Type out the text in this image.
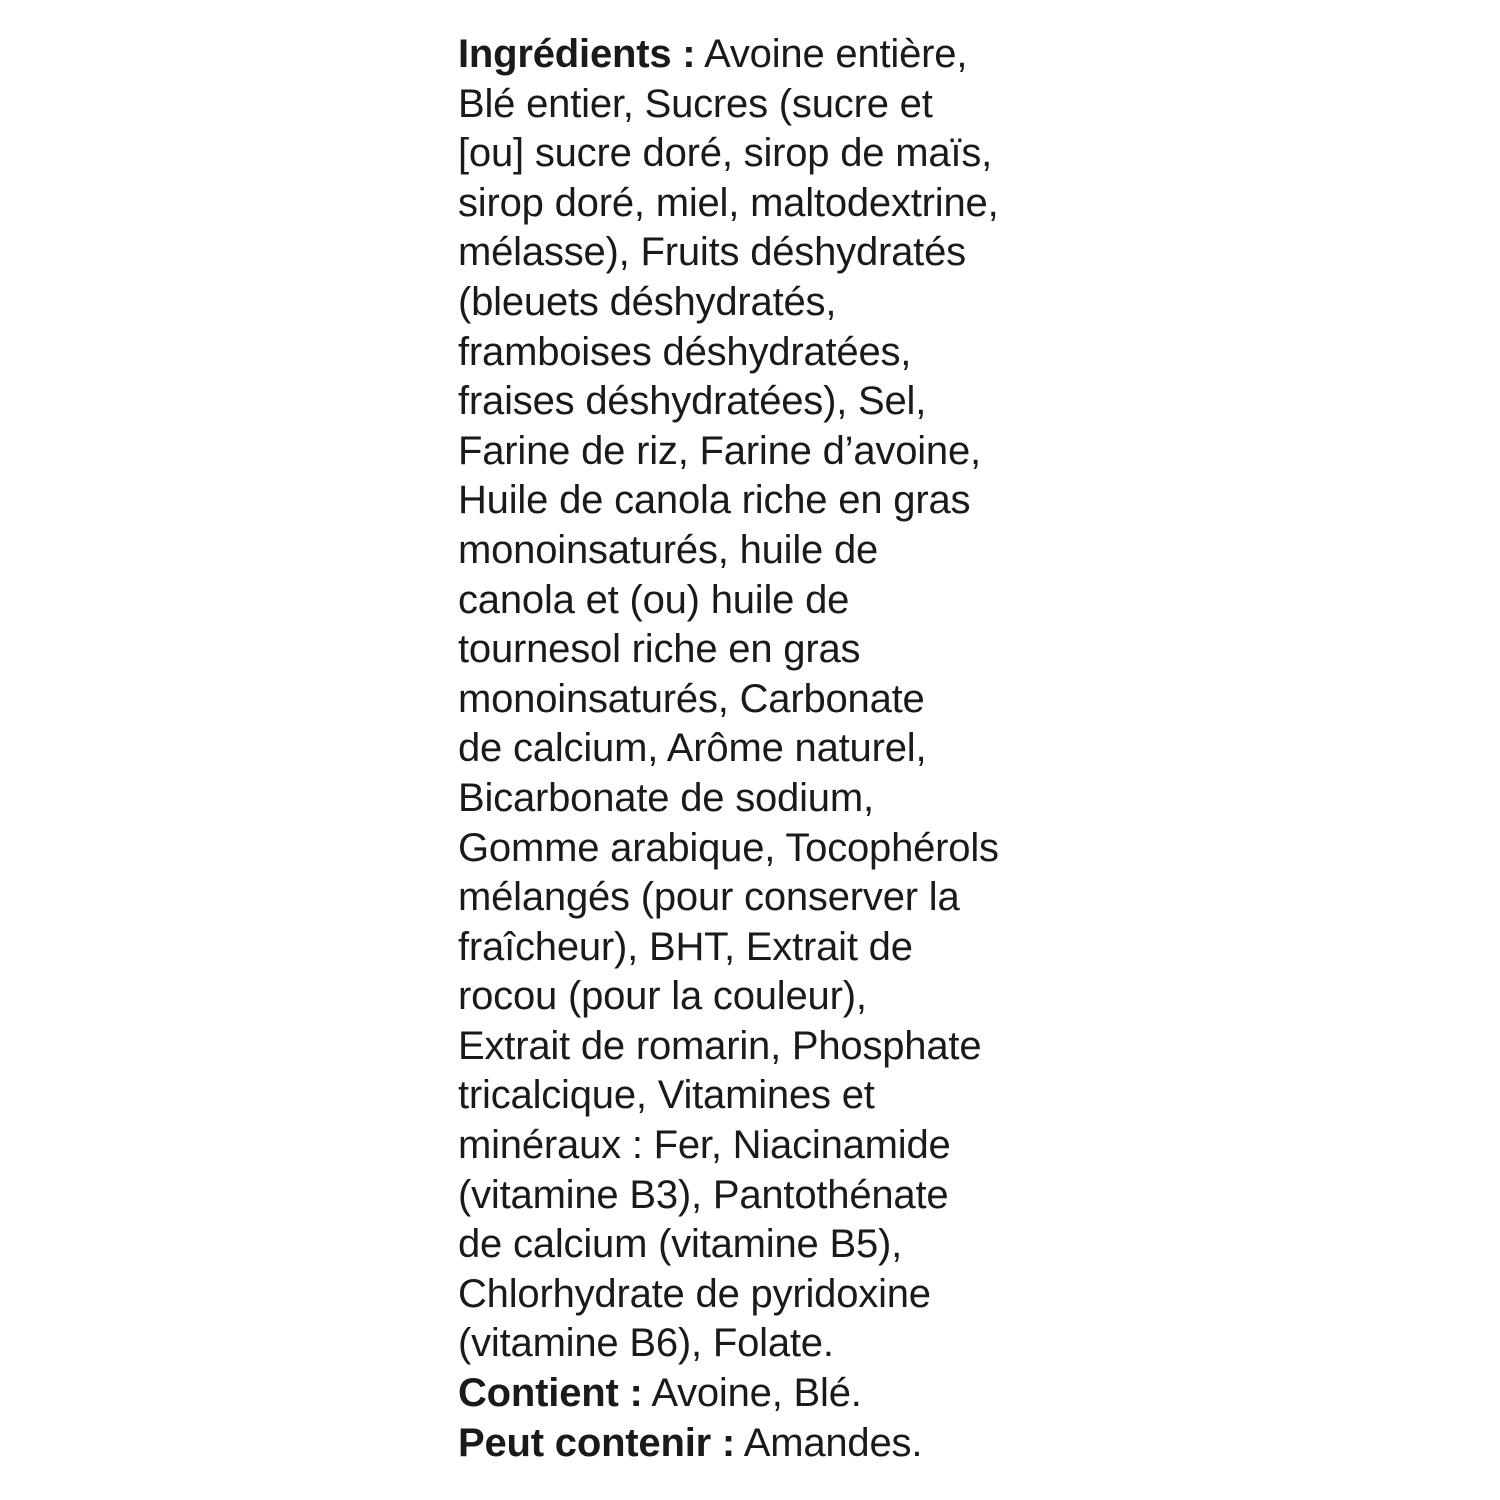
Ingrédients : Avoine entière,
Blé entier, Sucres (sucre et
[ou] sucre doré, sirop de maïs,
sirop doré, miel, maltodextrine,
mélasse), Fruits déshydratés
(bleuets déshydratés,
framboises déshydratées,
fraises déshydratées), Sel,
Farine de riz, Farine d’avoine,
Huile de canola riche en gras
monoinsaturés, huile de
canola et (ou) huile de
tournesol riche en gras
monoinsaturés, Carbonate
de calcium, Arôme naturel,
Bicarbonate de sodium,
Gomme arabique, Tocophérols
mélangés (pour conserver la
fraîcheur), BHT, Extrait de
rocou (pour la couleur),
Extrait de romarin, Phosphate
tricalcique, Vitamines et
minéraux : Fer, Niacinamide
(vitamine B3), Pantothénate
de calcium (vitamine B5),
Chlorhydrate de pyridoxine
(vitamine B6), Folate.
Contient : Avoine, Blé.
Peut contenir : Amandes.
